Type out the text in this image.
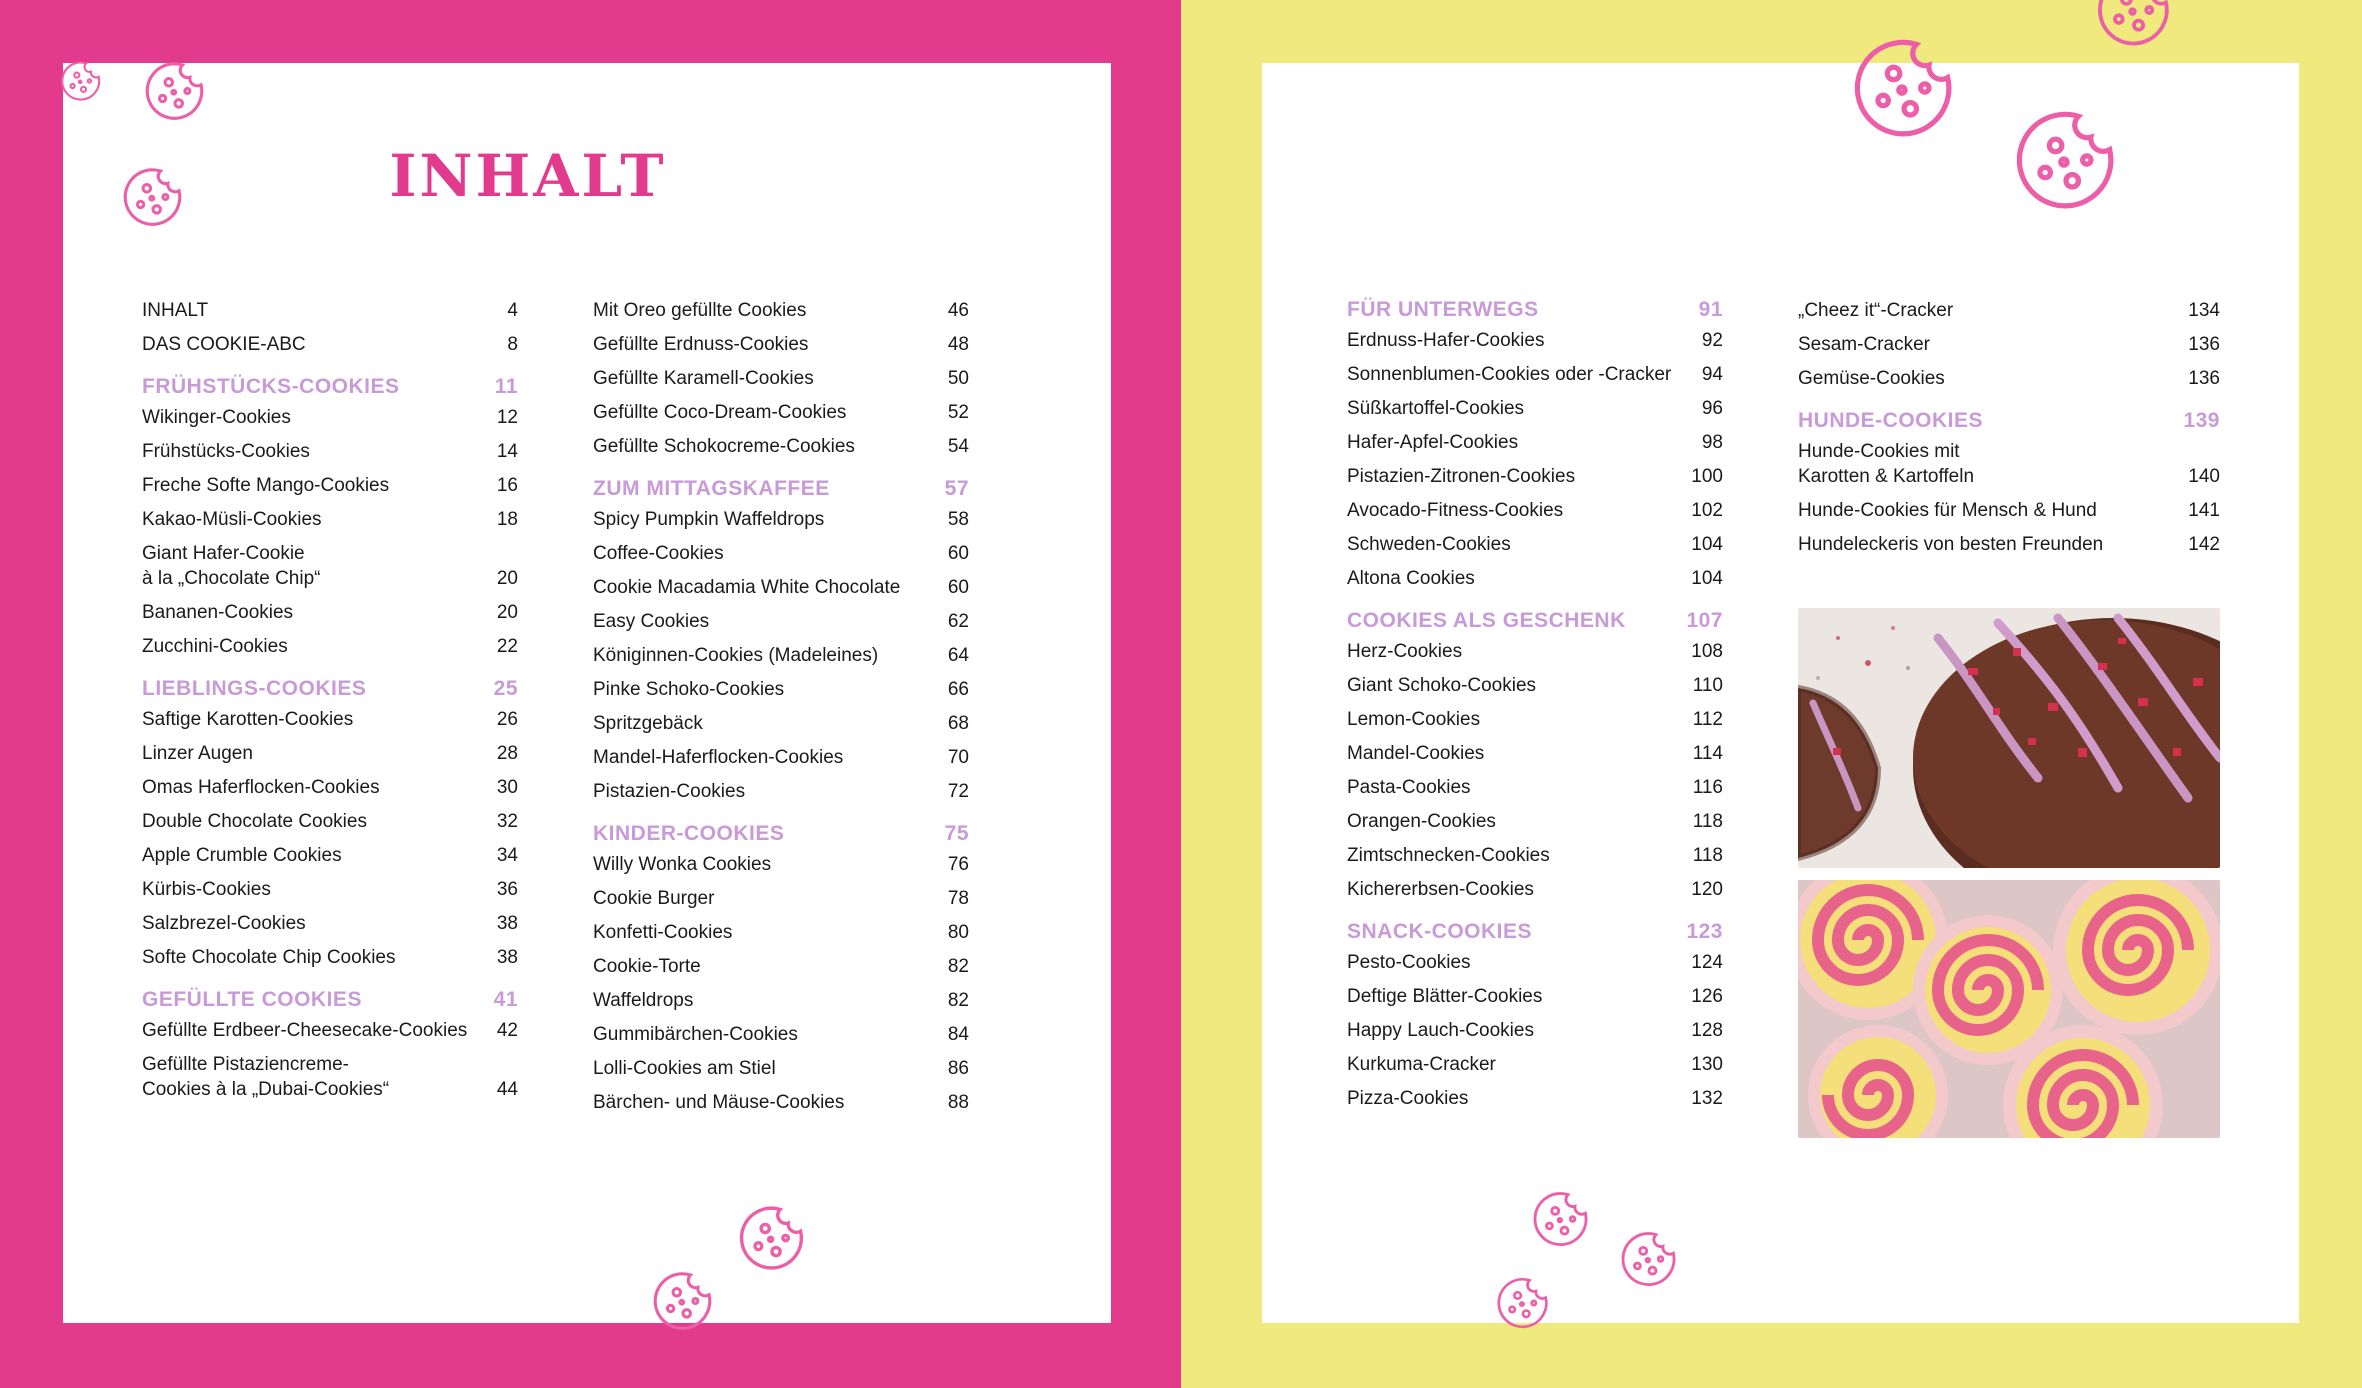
INHALT
INHALT	4
DAS COOKIE-ABC	8
FRÜHSTÜCKS-COOKIES	11
Wikinger-Cookies	12
Frühstücks-Cookies	14
Freche Softe Mango-Cookies	16
Kakao-Müsli-Cookies	18
Giant Hafer-Cookie
à la „Chocolate Chip“	20
Bananen-Cookies	20
Zucchini-Cookies	22
LIEBLINGS-COOKIES	25
Saftige Karotten-Cookies	26
Linzer Augen	28
Omas Haferflocken-Cookies	30
Double Chocolate Cookies	32
Apple Crumble Cookies	34
Kürbis-Cookies	36
Salzbrezel-Cookies	38
Softe Chocolate Chip Cookies	38
GEFÜLLTE COOKIES	41
Gefüllte Erdbeer-Cheesecake-Cookies	42
Gefüllte Pistaziencreme-
Cookies à la „Dubai-Cookies“	44
Mit Oreo gefüllte Cookies	46
Gefüllte Erdnuss-Cookies	48
Gefüllte Karamell-Cookies	50
Gefüllte Coco-Dream-Cookies	52
Gefüllte Schokocreme-Cookies	54
ZUM MITTAGSKAFFEE	57
Spicy Pumpkin Waffeldrops	58
Coffee-Cookies	60
Cookie Macadamia White Chocolate	60
Easy Cookies	62
Königinnen-Cookies (Madeleines)	64
Pinke Schoko-Cookies	66
Spritzgebäck	68
Mandel-Haferflocken-Cookies	70
Pistazien-Cookies	72
KINDER-COOKIES	75
Willy Wonka Cookies	76
Cookie Burger	78
Konfetti-Cookies	80
Cookie-Torte	82
Waffeldrops	82
Gummibärchen-Cookies	84
Lolli-Cookies am Stiel	86
Bärchen- und Mäuse-Cookies	88
FÜR UNTERWEGS	91
Erdnuss-Hafer-Cookies	92
Sonnenblumen-Cookies oder -Cracker	94
Süßkartoffel-Cookies	96
Hafer-Apfel-Cookies	98
Pistazien-Zitronen-Cookies	100
Avocado-Fitness-Cookies	102
Schweden-Cookies	104
Altona Cookies	104
COOKIES ALS GESCHENK	107
Herz-Cookies	108
Giant Schoko-Cookies	110
Lemon-Cookies	112
Mandel-Cookies	114
Pasta-Cookies	116
Orangen-Cookies	118
Zimtschnecken-Cookies	118
Kichererbsen-Cookies	120
SNACK-COOKIES	123
Pesto-Cookies	124
Deftige Blätter-Cookies	126
Happy Lauch-Cookies	128
Kurkuma-Cracker	130
Pizza-Cookies	132
„Cheez it“-Cracker	134
Sesam-Cracker	136
Gemüse-Cookies	136
HUNDE-COOKIES	139
Hunde-Cookies mit
Karotten & Kartoffeln	140
Hunde-Cookies für Mensch & Hund	141
Hundeleckeris von besten Freunden	142
